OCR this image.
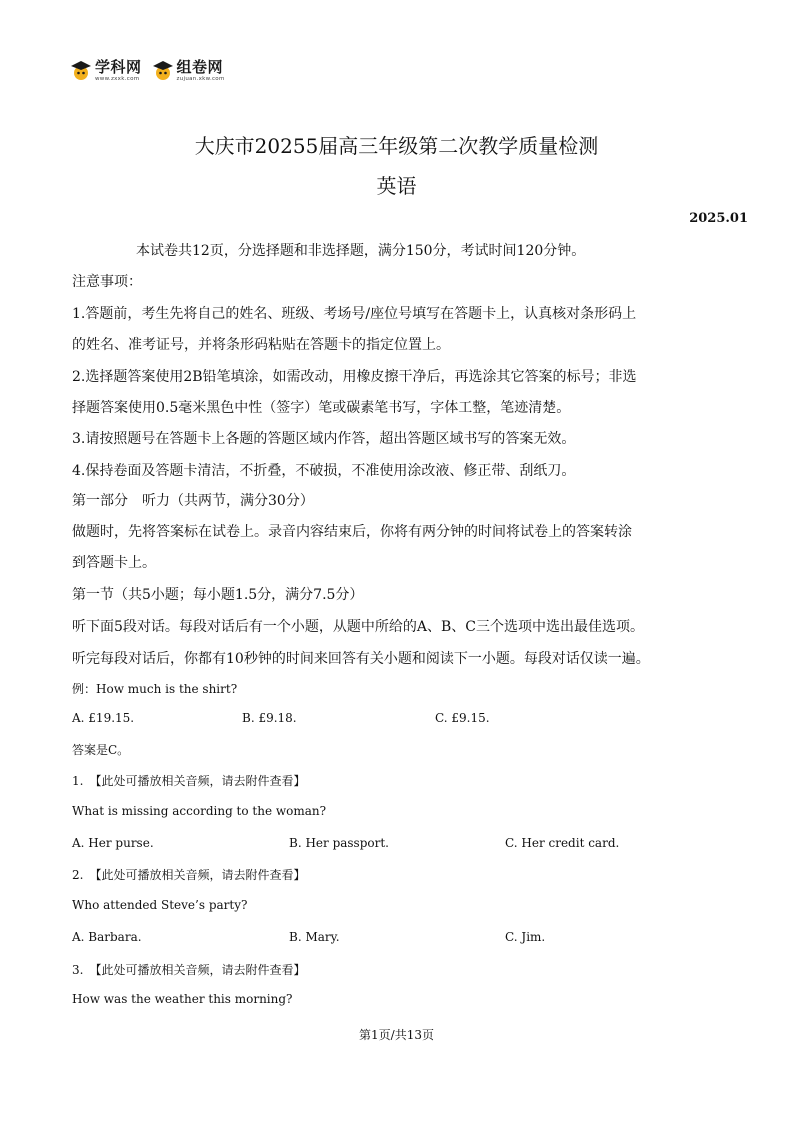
学科网
www.zxxk.com
组卷网
zujuan.xkw.com
大庆市20255届高三年级第二次教学质量检测
英语
2025.01
本试卷共12页，分选择题和非选择题，满分150分，考试时间120分钟。
注意事项：
1.答题前，考生先将自己的姓名、班级、考场号/座位号填写在答题卡上，认真核对条形码上
的姓名、准考证号，并将条形码粘贴在答题卡的指定位置上。
2.选择题答案使用2B铅笔填涂，如需改动，用橡皮擦干净后，再选涂其它答案的标号；非选
择题答案使用0.5毫米黑色中性（签字）笔或碳素笔书写，字体工整，笔迹清楚。
3.请按照题号在答题卡上各题的答题区域内作答，超出答题区域书写的答案无效。
4.保持卷面及答题卡清洁，不折叠，不破损，不准使用涂改液、修正带、刮纸刀。
第一部分　听力（共两节，满分30分）
做题时，先将答案标在试卷上。录音内容结束后，你将有两分钟的时间将试卷上的答案转涂
到答题卡上。
第一节（共5小题；每小题1.5分，满分7.5分）
听下面5段对话。每段对话后有一个小题，从题中所给的A、B、C三个选项中选出最佳选项。
听完每段对话后，你都有10秒钟的时间来回答有关小题和阅读下一小题。每段对话仅读一遍。
例：How much is the shirt?
A. £19.15.	B. £9.18.	C. £9.15.
答案是C。
1.　【此处可播放相关音频，请去附件查看】
What is missing according to the woman?
A. Her purse.	B. Her passport.	C. Her credit card.
2.　【此处可播放相关音频，请去附件查看】
Who attended Steve’s party?
A. Barbara.	B. Mary.	C. Jim.
3.　【此处可播放相关音频，请去附件查看】
How was the weather this morning?
第1页/共13页
